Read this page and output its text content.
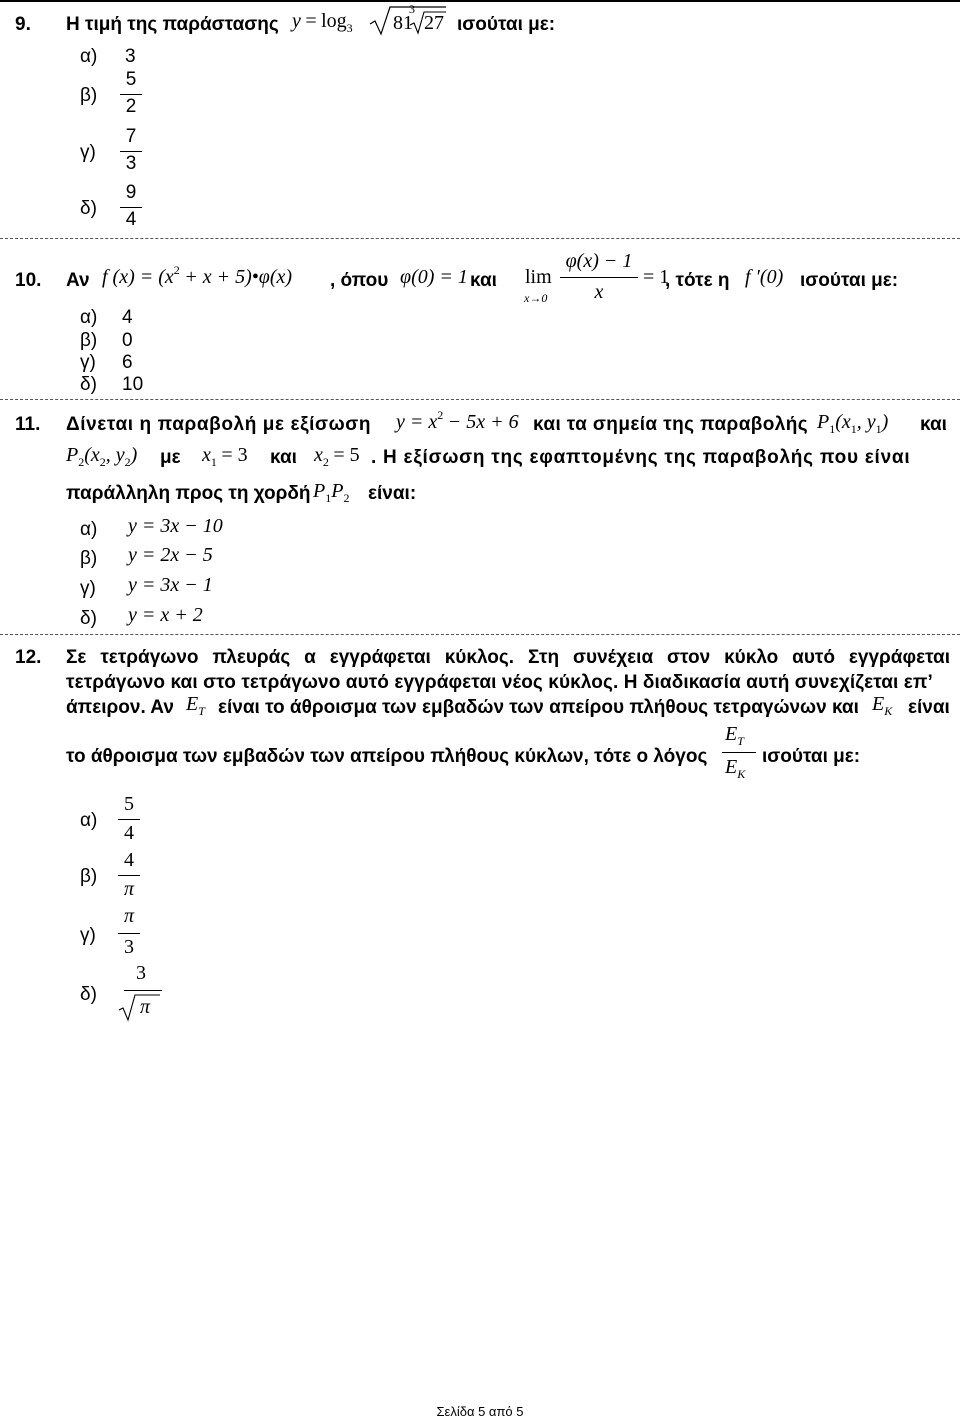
9. Η τιμή της παράστασης $y = \log_3 81$
3
27 ισούται με:
α) 3
β)
5
2
γ)
7
3
δ)
9
4
10. Αν f $(x) = (x^2 + x$ + 5)•φ(x) , όπου φ(0) = 1 και lim
x→0
φ(x) − 1
x
= 1
, τότε η f ′(0) ισούται με:
α) 4
β) 0
γ) 6
δ) 10
11. Δίνεται η παραβολή με εξίσωση $y = x^2 - 5x + 6$ και τα σημεία της παραβολής $P_1(x_1$, $y_1$) και
$P_2(x_2$, $y_2$) με $x_1 = 3$ και $x_2 = 5$ . Η εξίσωση της εφαπτομένης της παραβολής που είναι
παράλληλη προς τη χορδή $P_1P_2$ είναι:
α) y = 3x − 10
β) y = 2x − 5
γ) y = 3x − 1
δ) y = x + 2
12. Σε τετράγωνο πλευράς α εγγράφεται κύκλος. Στη συνέχεια στον κύκλο αυτό εγγράφεται
τετράγωνο και στο τετράγωνο αυτό εγγράφεται νέος κύκλος. Η διαδικασία αυτή συνεχίζεται επ’
άπειρον. Αν $E_T$ είναι το άθροισμα των εμβαδών των απείρου πλήθους τετραγώνων και $E_K$ είναι
το άθροισμα των εμβαδών των απείρου πλήθους κύκλων, τότε ο λόγος
$E_T$
$E_K$
ισούται με:
α)
5
4
β)
4
π
γ)
π
3
δ)
3
π
Σελίδα 5 από 5
